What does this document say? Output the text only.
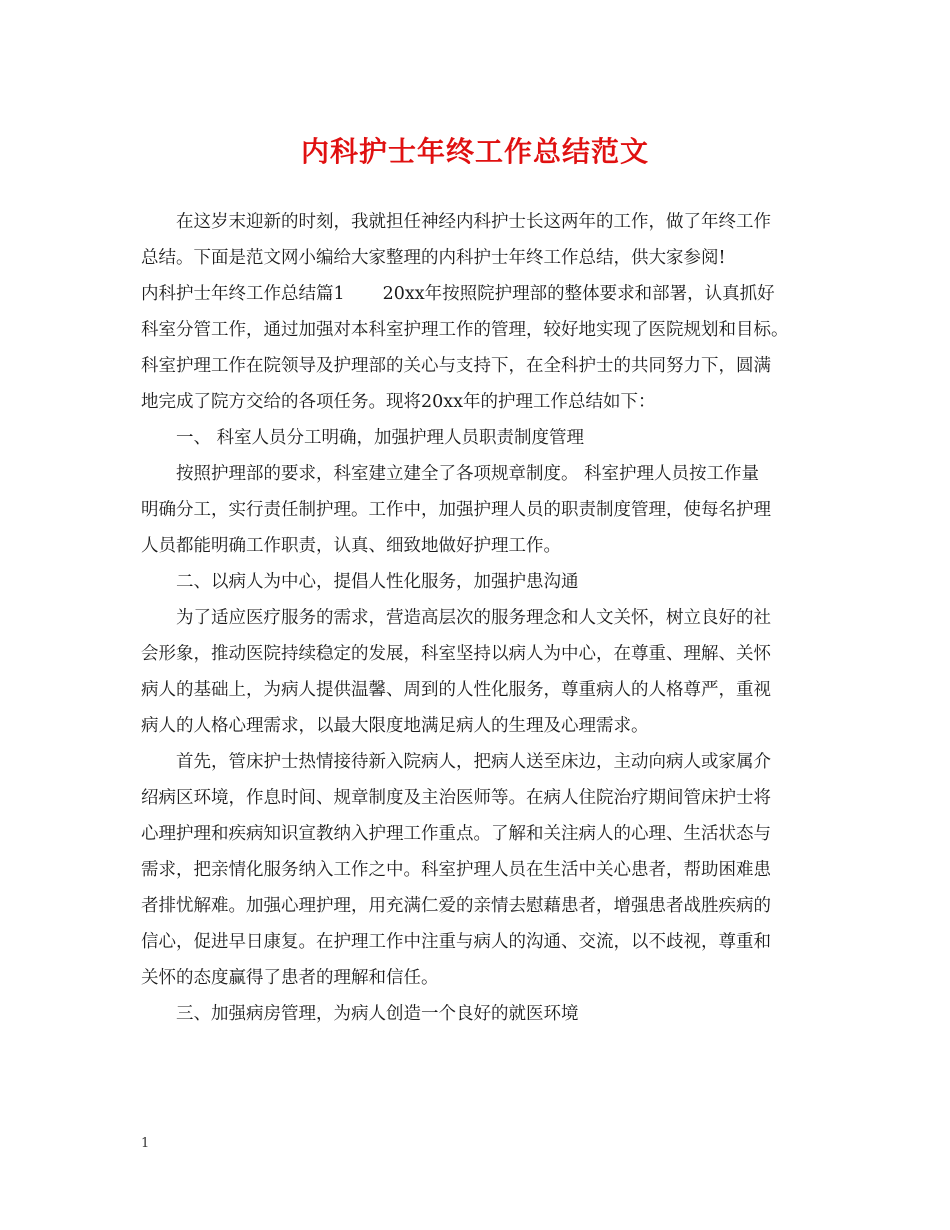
内科护士年终工作总结范文
在这岁末迎新的时刻，我就担任神经内科护士长这两年的工作，做了年终工作
总结。下面是范文网小编给大家整理的内科护士年终工作总结，供大家参阅!
内科护士年终工作总结篇1 20xx年按照院护理部的整体要求和部署，认真抓好
科室分管工作，通过加强对本科室护理工作的管理，较好地实现了医院规划和目标。
科室护理工作在院领导及护理部的关心与支持下，在全科护士的共同努力下，圆满
地完成了院方交给的各项任务。现将20xx年的护理工作总结如下：
一、 科室人员分工明确，加强护理人员职责制度管理
按照护理部的要求，科室建立建全了各项规章制度。 科室护理人员按工作量
明确分工，实行责任制护理。工作中，加强护理人员的职责制度管理，使每名护理
人员都能明确工作职责，认真、细致地做好护理工作。
二、以病人为中心，提倡人性化服务，加强护患沟通
为了适应医疗服务的需求，营造高层次的服务理念和人文关怀，树立良好的社
会形象，推动医院持续稳定的发展，科室坚持以病人为中心，在尊重、理解、关怀
病人的基础上，为病人提供温馨、周到的人性化服务，尊重病人的人格尊严，重视
病人的人格心理需求，以最大限度地满足病人的生理及心理需求。
首先，管床护士热情接待新入院病人，把病人送至床边，主动向病人或家属介
绍病区环境，作息时间、规章制度及主治医师等。在病人住院治疗期间管床护士将
心理护理和疾病知识宣教纳入护理工作重点。了解和关注病人的心理、生活状态与
需求，把亲情化服务纳入工作之中。科室护理人员在生活中关心患者，帮助困难患
者排忧解难。加强心理护理，用充满仁爱的亲情去慰藉患者，增强患者战胜疾病的
信心，促进早日康复。在护理工作中注重与病人的沟通、交流，以不歧视，尊重和
关怀的态度赢得了患者的理解和信任。
三、加强病房管理，为病人创造一个良好的就医环境
1
